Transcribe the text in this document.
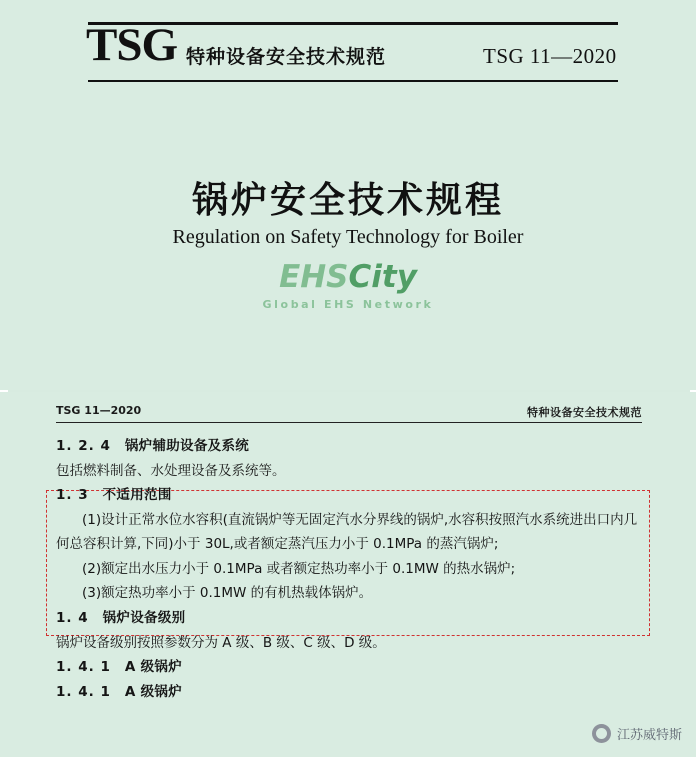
TSG 特种设备安全技术规范	TSG 11—2020
锅炉安全技术规程
Regulation on Safety Technology for Boiler
EHSCity
Global EHS Network
TSG 11—2020	特种设备安全技术规范
1. 2. 4 锅炉辅助设备及系统
包括燃料制备、水处理设备及系统等。
1. 3 不适用范围
(1)设计正常水位水容积(直流锅炉等无固定汽水分界线的锅炉,水容积按照汽水系统进出口内几何总容积计算,下同)小于 30L,或者额定蒸汽压力小于 0.1MPa 的蒸汽锅炉;
(2)额定出水压力小于 0.1MPa 或者额定热功率小于 0.1MW 的热水锅炉;
(3)额定热功率小于 0.1MW 的有机热载体锅炉。
1. 4 锅炉设备级别
锅炉设备级别按照参数分为 A 级、B 级、C 级、D 级。
1. 4. 1 A 级锅炉
1. 4. 1 A 级锅炉
江苏威特斯
